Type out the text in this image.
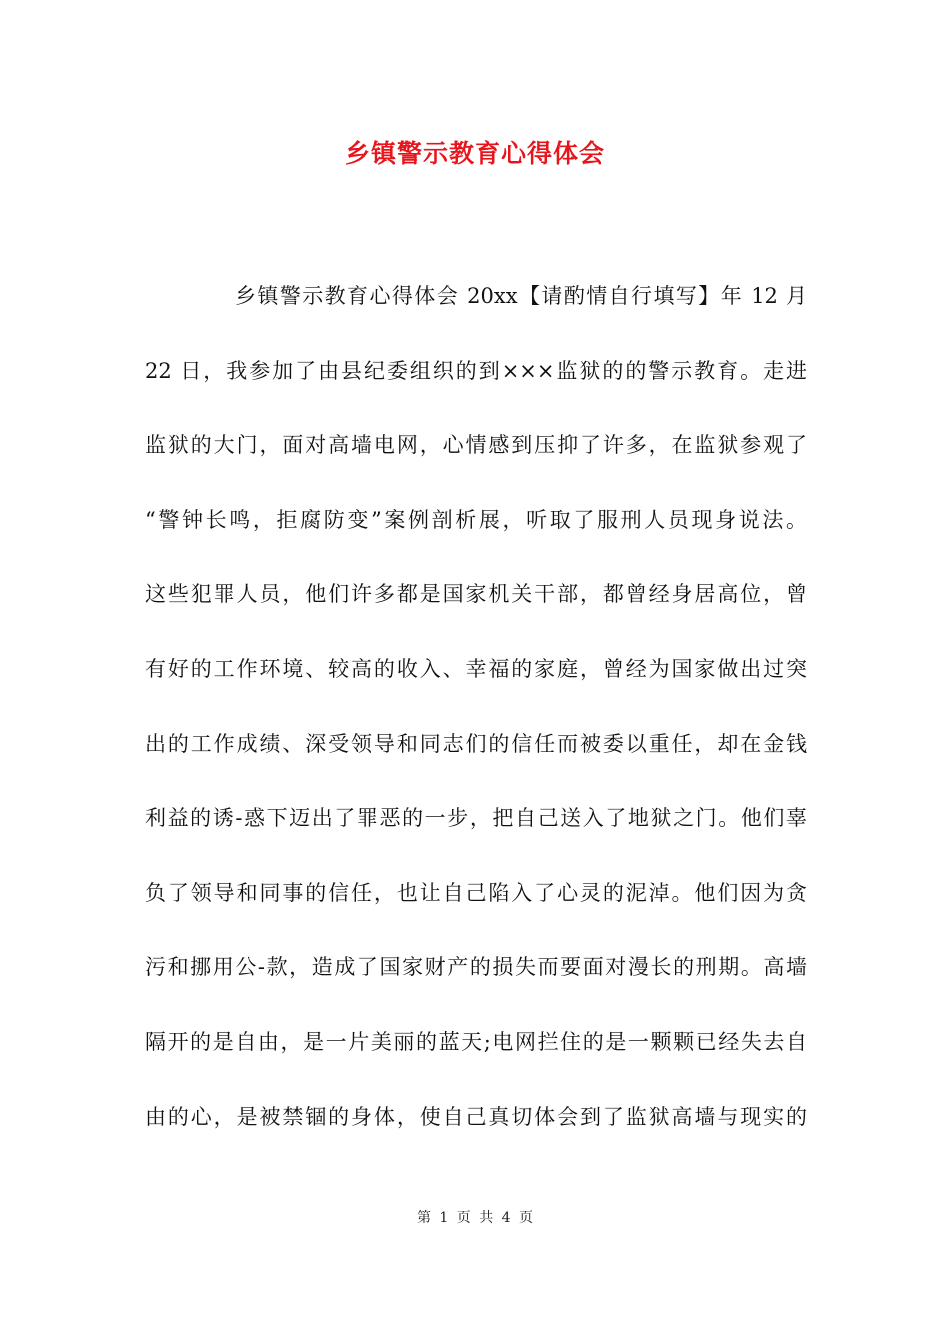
乡镇警示教育心得体会
乡镇警示教育心得体会 20xx【请酌情自行填写】年 12 月
22 日，我参加了由县纪委组织的到×××监狱的的警示教育。走进
监狱的大门，面对高墙电网，心情感到压抑了许多，在监狱参观了
“警钟长鸣，拒腐防变”案例剖析展，听取了服刑人员现身说法。
这些犯罪人员，他们许多都是国家机关干部，都曾经身居高位，曾
有好的工作环境、较高的收入、幸福的家庭，曾经为国家做出过突
出的工作成绩、深受领导和同志们的信任而被委以重任，却在金钱
利益的诱-惑下迈出了罪恶的一步，把自己送入了地狱之门。他们辜
负了领导和同事的信任，也让自己陷入了心灵的泥淖。他们因为贪
污和挪用公-款，造成了国家财产的损失而要面对漫长的刑期。高墙
隔开的是自由，是一片美丽的蓝天;电网拦住的是一颗颗已经失去自
由的心，是被禁锢的身体，使自己真切体会到了监狱高墙与现实的
第 1 页 共 4 页
